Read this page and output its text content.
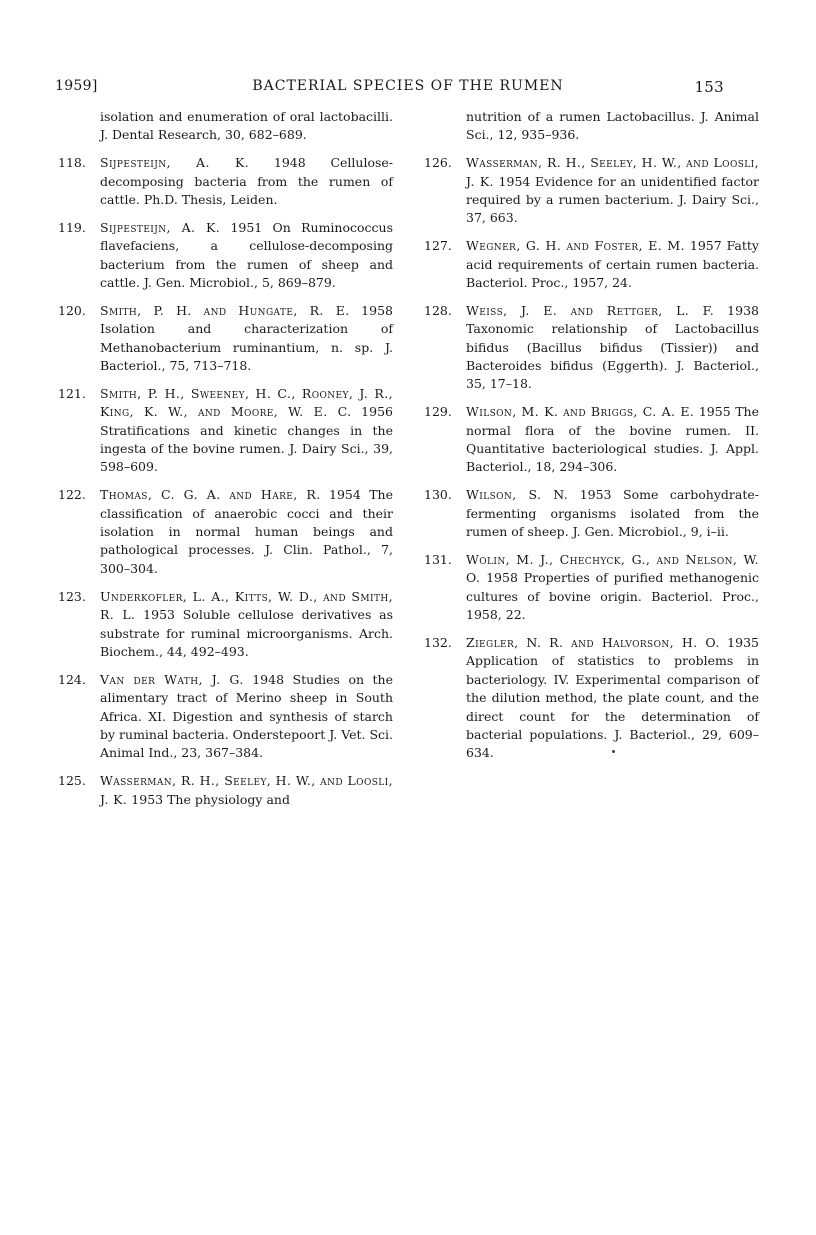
1959]	BACTERIAL SPECIES OF THE RUMEN	153
isolation and enumeration of oral lactobacilli. J. Dental Research, 30, 682–689.
118.	Sijpesteijn, A. K. 1948 Cellulose-decomposing bacteria from the rumen of cattle. Ph.D. Thesis, Leiden.
119.	Sijpesteijn, A. K. 1951 On Ruminococcus flavefaciens, a cellulose-decomposing bacterium from the rumen of sheep and cattle. J. Gen. Microbiol., 5, 869–879.
120.	Smith, P. H. and Hungate, R. E. 1958 Isolation and characterization of Methanobacterium ruminantium, n. sp. J. Bacteriol., 75, 713–718.
121.	Smith, P. H., Sweeney, H. C., Rooney, J. R., King, K. W., and Moore, W. E. C. 1956 Stratifications and kinetic changes in the ingesta of the bovine rumen. J. Dairy Sci., 39, 598–609.
122.	Thomas, C. G. A. and Hare, R. 1954 The classification of anaerobic cocci and their isolation in normal human beings and pathological processes. J. Clin. Pathol., 7, 300–304.
123.	Underkofler, L. A., Kitts, W. D., and Smith, R. L. 1953 Soluble cellulose derivatives as substrate for ruminal microorganisms. Arch. Biochem., 44, 492–493.
124.	Van der Wath, J. G. 1948 Studies on the alimentary tract of Merino sheep in South Africa. XI. Digestion and synthesis of starch by ruminal bacteria. Onderstepoort J. Vet. Sci. Animal Ind., 23, 367–384.
125.	Wasserman, R. H., Seeley, H. W., and Loosli, J. K. 1953 The physiology and
nutrition of a rumen Lactobacillus. J. Animal Sci., 12, 935–936.
126.	Wasserman, R. H., Seeley, H. W., and Loosli, J. K. 1954 Evidence for an unidentified factor required by a rumen bacterium. J. Dairy Sci., 37, 663.
127.	Wegner, G. H. and Foster, E. M. 1957 Fatty acid requirements of certain rumen bacteria. Bacteriol. Proc., 1957, 24.
128.	Weiss, J. E. and Rettger, L. F. 1938 Taxonomic relationship of Lactobacillus bifidus (Bacillus bifidus (Tissier)) and Bacteroides bifidus (Eggerth). J. Bacteriol., 35, 17–18.
129.	Wilson, M. K. and Briggs, C. A. E. 1955 The normal flora of the bovine rumen. II. Quantitative bacteriological studies. J. Appl. Bacteriol., 18, 294–306.
130.	Wilson, S. N. 1953 Some carbohydrate-fermenting organisms isolated from the rumen of sheep. J. Gen. Microbiol., 9, i–ii.
131.	Wolin, M. J., Chechyck, G., and Nelson, W. O. 1958 Properties of purified methanogenic cultures of bovine origin. Bacteriol. Proc., 1958, 22.
132.	Ziegler, N. R. and Halvorson, H. O. 1935 Application of statistics to problems in bacteriology. IV. Experimental comparison of the dilution method, the plate count, and the direct count for the determination of bacterial populations. J. Bacteriol., 29, 609–634.
